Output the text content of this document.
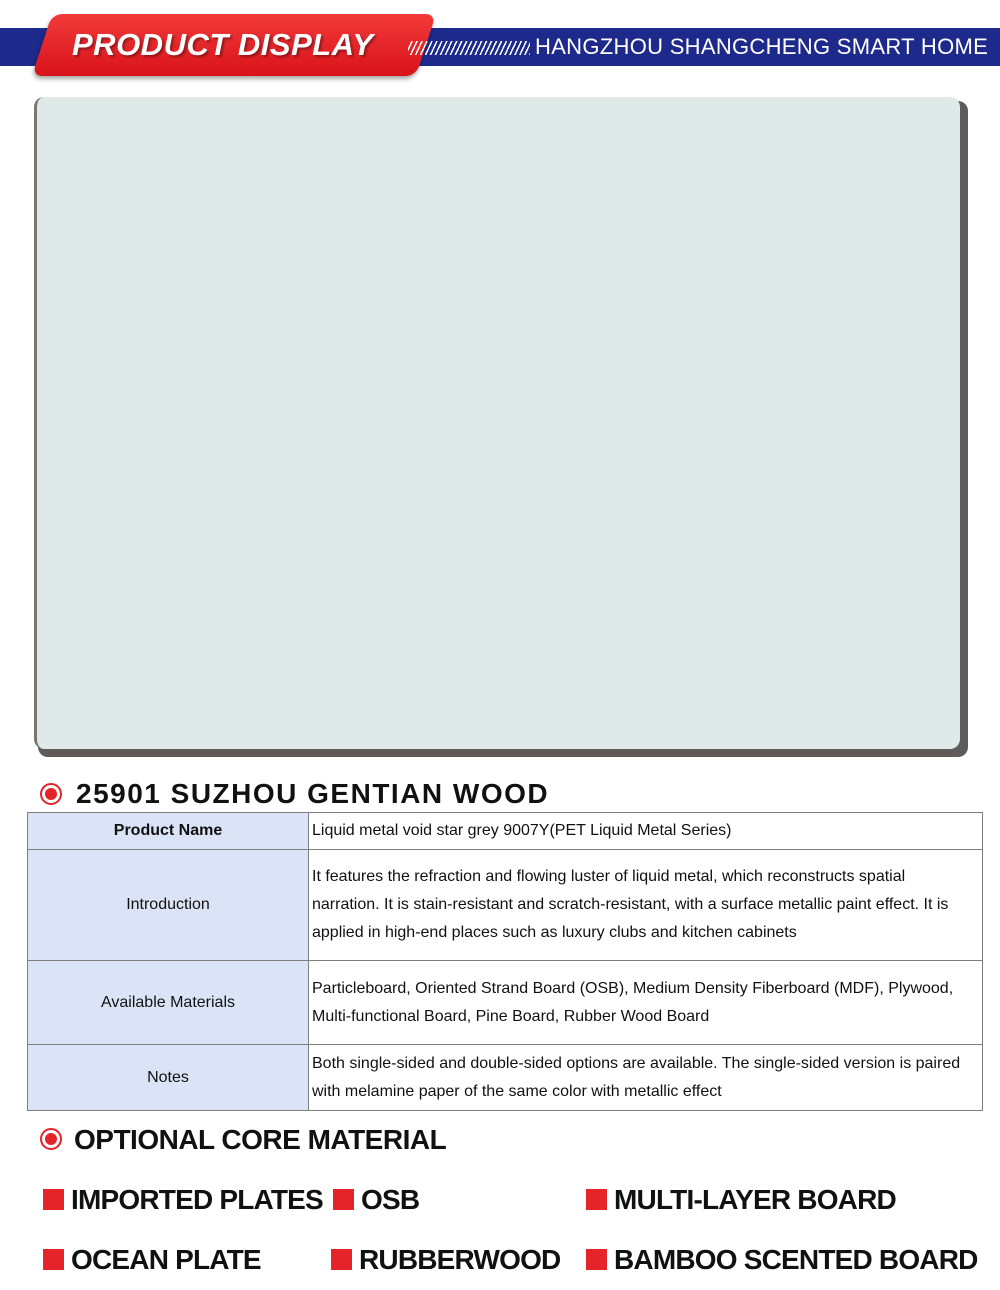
PRODUCT DISPLAY	HANGZHOU SHANGCHENG SMART HOME
25901 SUZHOU GENTIAN WOOD
Product Name	Liquid metal void star grey 9007Y(PET Liquid Metal Series)
Introduction	It features the refraction and flowing luster of liquid metal, which reconstructs spatial narration. It is stain-resistant and scratch-resistant, with a surface metallic paint effect. It is applied in high-end places such as luxury clubs and kitchen cabinets
Available Materials	Particleboard, Oriented Strand Board (OSB), Medium Density Fiberboard (MDF), Plywood, Multi-functional Board, Pine Board, Rubber Wood Board
Notes	Both single-sided and double-sided options are available. The single-sided version is paired with melamine paper of the same color with metallic effect
OPTIONAL CORE MATERIAL
IMPORTED PLATES OSB	MULTI-LAYER BOARD
OCEAN PLATE	RUBBERWOOD BAMBOO SCENTED BOARD
